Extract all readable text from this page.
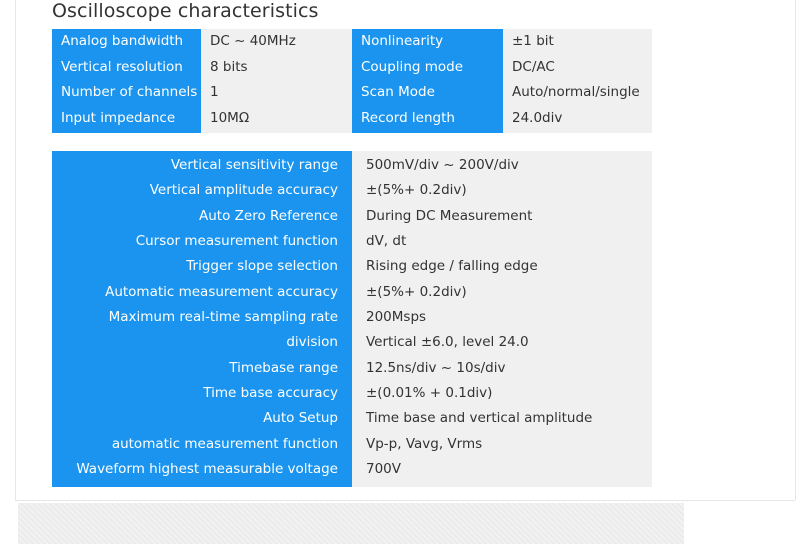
Oscilloscope characteristics
Analog bandwidth
Vertical resolution
Number of channels
Input impedance
DC ~ 40MHz
8 bits
1
10MΩ
Nonlinearity
Coupling mode
Scan Mode
Record length
±1 bit
DC/AC
Auto/normal/single
24.0div
Vertical sensitivity range
Vertical amplitude accuracy
Auto Zero Reference
Cursor measurement function
Trigger slope selection
Automatic measurement accuracy
Maximum real-time sampling rate
division
Timebase range
Time base accuracy
Auto Setup
automatic measurement function
Waveform highest measurable voltage
500mV/div ~ 200V/div
±(5%+ 0.2div)
During DC Measurement
dV, dt
Rising edge / falling edge
±(5%+ 0.2div)
200Msps
Vertical ±6.0, level 24.0
12.5ns/div ~ 10s/div
±(0.01% + 0.1div)
Time base and vertical amplitude
Vp-p, Vavg, Vrms
700V
